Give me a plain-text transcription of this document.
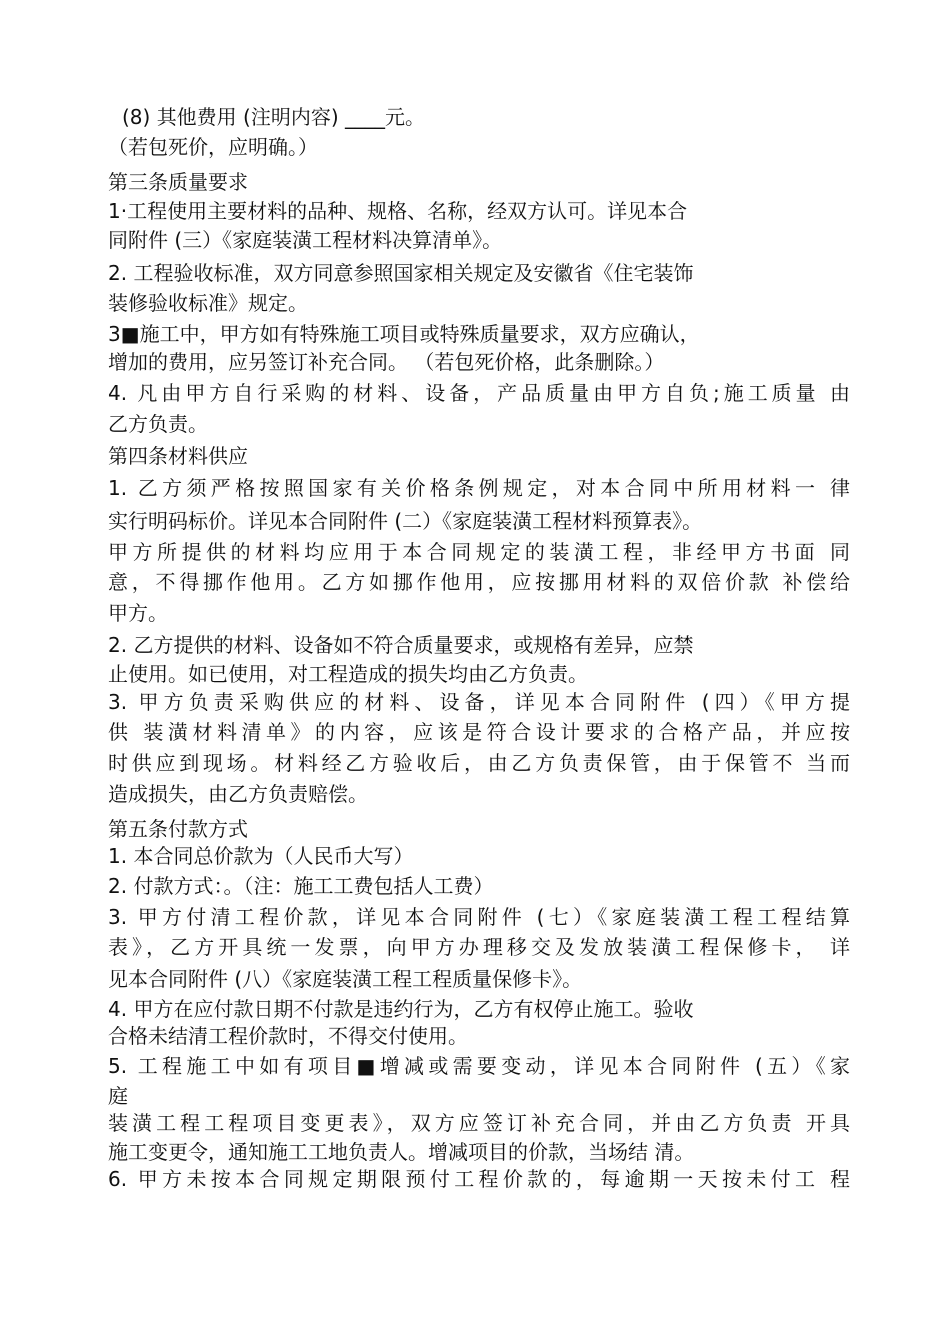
(8) 其他费用 (注明内容) ____元。

（若包死价，应明确。）

第三条质量要求

1·工程使用主要材料的品种、规格、名称，经双方认可。详见本合

同附件 (三）《家庭装潢工程材料决算清单》。

2. 工程验收标准，双方同意参照国家相关规定及安徽省《住宅装饰

装修验收标准》规定。

3■施工中，甲方如有特殊施工项目或特殊质量要求，双方应确认，

增加的费用，应另签订补充合同。 （若包死价格，此条删除。）

4. 凡由甲方自行采购的材料、设备，产品质量由甲方自负;施工质量 由

乙方负责。

第四条材料供应

1. 乙方须严格按照国家有关价格条例规定，对本合同中所用材料一 律

实行明码标价。详见本合同附件 (二）《家庭装潢工程材料预算表》。

甲方所提供的材料均应用于本合同规定的装潢工程，非经甲方书面 同

意，不得挪作他用。乙方如挪作他用，应按挪用材料的双倍价款 补偿给

甲方。

2. 乙方提供的材料、设备如不符合质量要求，或规格有差异，应禁

止使用。如已使用，对工程造成的损失均由乙方负责。

3. 甲方负责采购供应的材料、设备，详见本合同附件 (四）《甲方提

供 装潢材料清单》的内容，应该是符合设计要求的合格产品，并应按

时供应到现场。材料经乙方验收后，由乙方负责保管，由于保管不 当而

造成损失，由乙方负责赔偿。

第五条付款方式

1. 本合同总价款为（人民币大写）

2. 付款方式：。（注：施工工费包括人工费）

3. 甲方付清工程价款，详见本合同附件 (七）《家庭装潢工程工程结算

表》，乙方开具统一发票，向甲方办理移交及发放装潢工程保修卡， 详

见本合同附件 (八）《家庭装潢工程工程质量保修卡》。

4. 甲方在应付款日期不付款是违约行为，乙方有权停止施工。验收

合格未结清工程价款时，不得交付使用。

5. 工程施工中如有项目■增减或需要变动，详见本合同附件 (五）《家

庭

装潢工程工程项目变更表》，双方应签订补充合同，并由乙方负责 开具

施工变更令，通知施工工地负责人。增减项目的价款，当场结 清。

6. 甲方未按本合同规定期限预付工程价款的，每逾期一天按未付工 程
